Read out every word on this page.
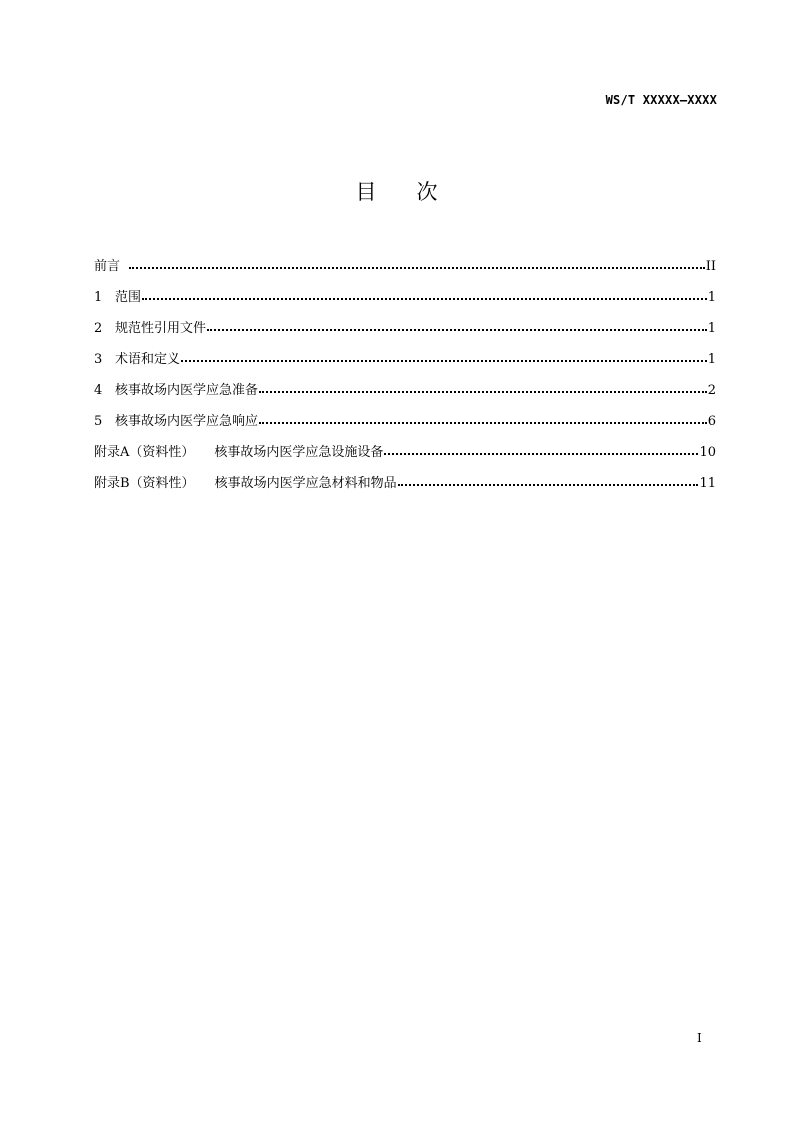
WS/T XXXXX—XXXX
目 次
前言	II
1 范围	1
2 规范性引用文件	1
3 术语和定义	1
4 核事故场内医学应急准备	2
5 核事故场内医学应急响应	6
附录A（资料性） 核事故场内医学应急设施设备	10
附录B（资料性） 核事故场内医学应急材料和物品	11
I
